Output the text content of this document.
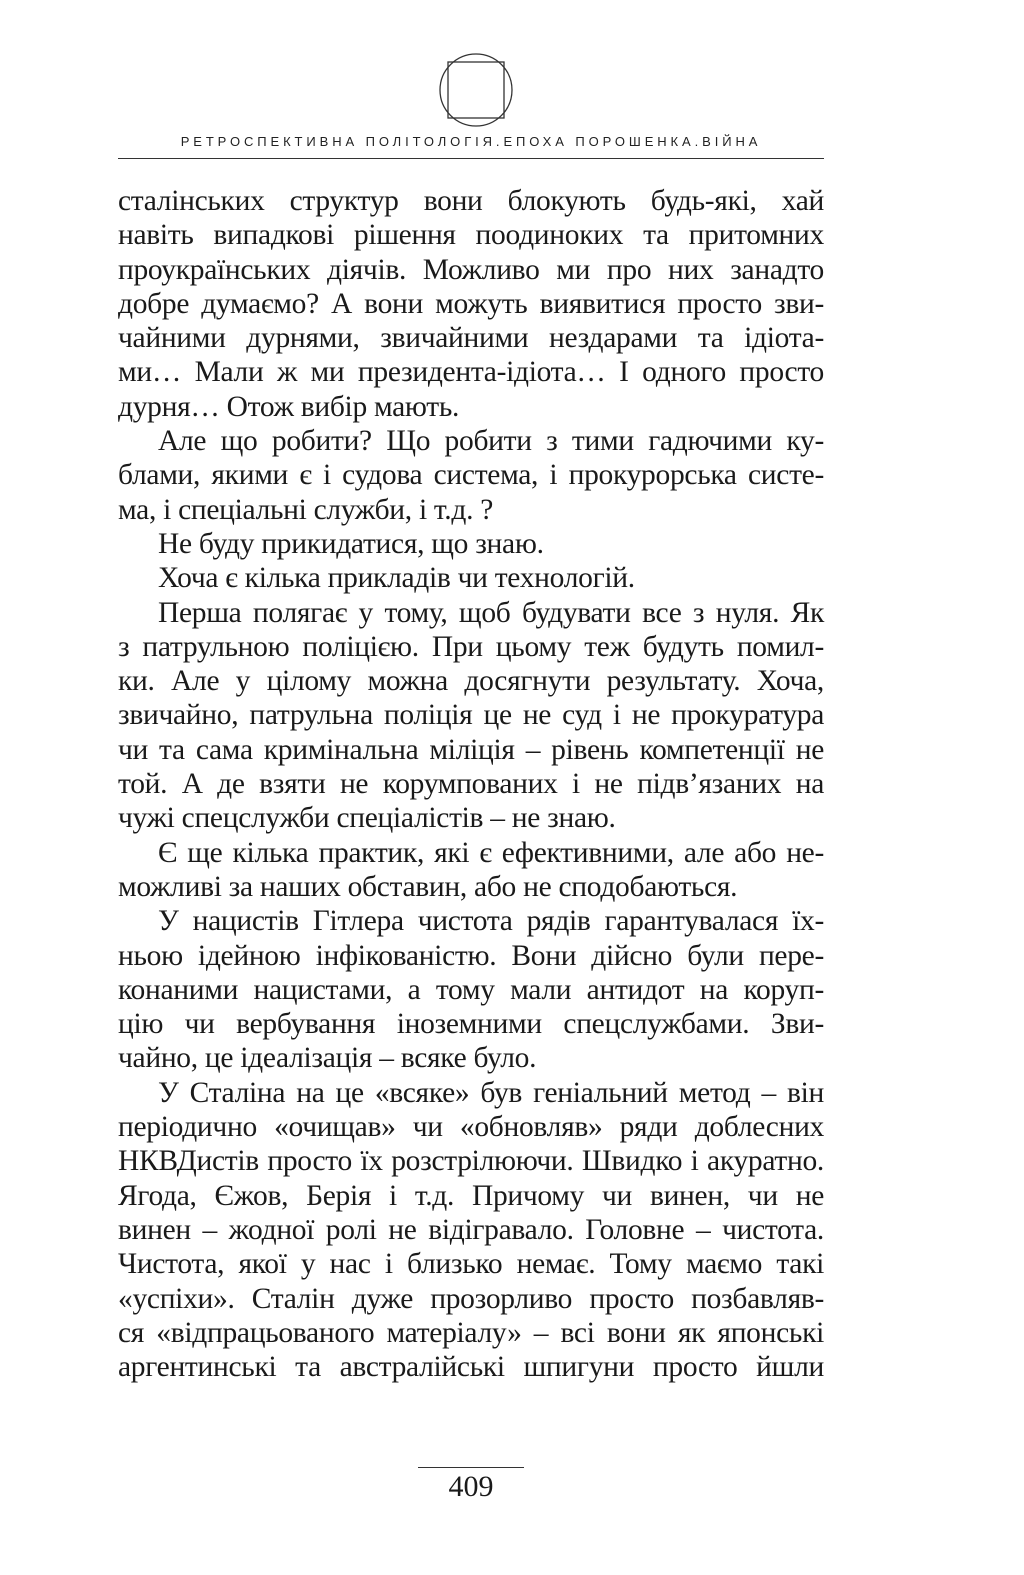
РЕТРОСПЕКТИВНА ПОЛІТОЛОГІЯ.ЕПОХА ПОРОШЕНКА.ВІЙНА

сталінських структур вони блокують будь-які, хай

навіть випадкові рішення поодиноких та притомних

проукраїнських діячів. Можливо ми про них занадто

добре думаємо? А вони можуть виявитися просто зви-

чайними дурнями, звичайними нездарами та ідіота-

ми… Мали ж ми президента-ідіота… І одного просто

дурня… Отож вибір мають.

Але що робити? Що робити з тими гадючими ку-

блами, якими є і судова система, і прокурорська систе-

ма, і спеціальні служби, і т.д. ?

Не буду прикидатися, що знаю.

Хоча є кілька прикладів чи технологій.

Перша полягає у тому, щоб будувати все з нуля. Як

з патрульною поліцією. При цьому теж будуть помил-

ки. Але у цілому можна досягнути результату. Хоча,

звичайно, патрульна поліція це не суд і не прокуратура

чи та сама кримінальна міліція – рівень компетенції не

той. А де взяти не корумпованих і не підв’язаних на

чужі спецслужби спеціалістів – не знаю.

Є ще кілька практик, які є ефективними, але або не-

можливі за наших обставин, або не сподобаються.

У нацистів Гітлера чистота рядів гарантувалася їх-

ньою ідейною інфікованістю. Вони дійсно були пере-

конаними нацистами, а тому мали антидот на коруп-

цію чи вербування іноземними спецслужбами. Зви-

чайно, це ідеалізація – всяке було.

У Сталіна на це «всяке» був геніальний метод – він

періодично «очищав» чи «обновляв» ряди доблесних

НКВДистів просто їх розстрілюючи. Швидко і акуратно.

Ягода, Єжов, Берія і т.д. Причому чи винен, чи не

винен – жодної ролі не відігравало. Головне – чистота.

Чистота, якої у нас і близько немає. Тому маємо такі

«успіхи». Сталін дуже прозорливо просто позбавляв-

ся «відпрацьованого матеріалу» – всі вони як японські

аргентинські та австралійські шпигуни просто йшли

409
